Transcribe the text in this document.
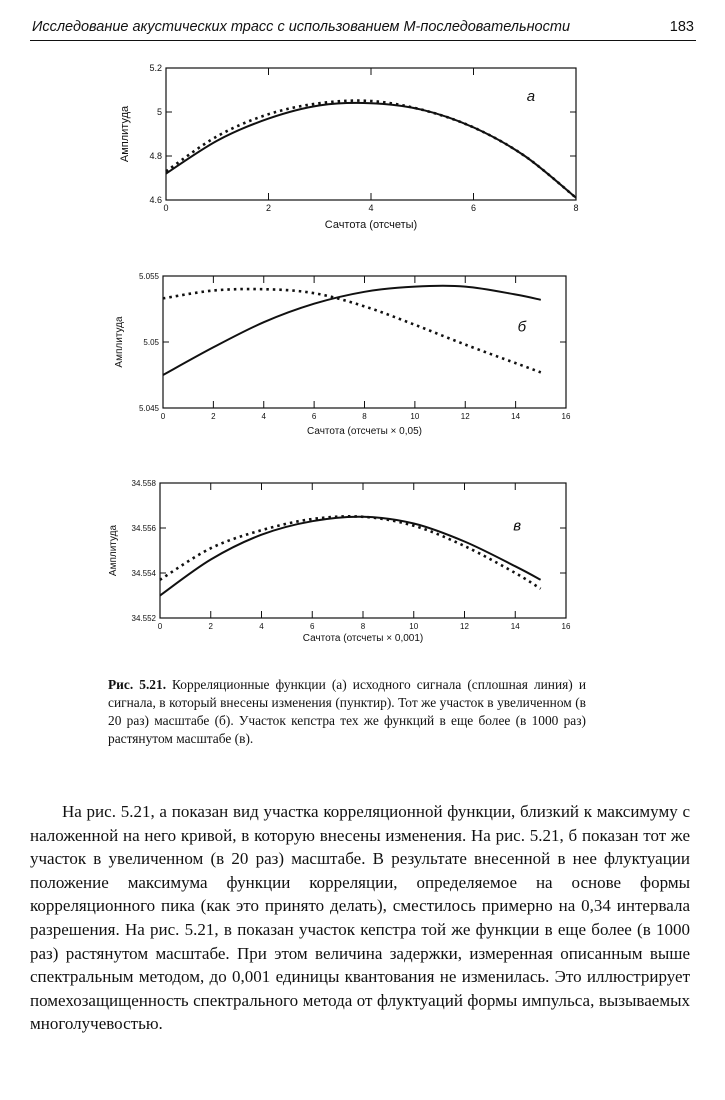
Исследование акустических трасс с использованием М-последовательности	183
0	2	4	6	8
4.6
4.8
5
5.2
а
Сачтота (отсчеты)
Амплитуда
0	2	4	6	8	10	12	14	16
5.045
5.05
5.055
б
Сачтота (отсчеты × 0,05)
Амплитуда
0	2	4	6	8	10	12	14	16
34.552
34.554
34.556
34.558
в
Сачтота (отсчеты × 0,001)
Амплитуда
Рис. 5.21. Корреляционные функции (а) исходного сигнала (сплошная линия) и сигнала, в который внесены изменения (пунктир). Тот же участок в увеличенном (в 20 раз) масштабе (б). Участок кепстра тех же функций в еще более (в 1000 раз) растянутом масштабе (в).
На рис. 5.21, а показан вид участка корреляционной функции, близкий к максимуму с наложенной на него кривой, в которую внесены изменения. На рис. 5.21, б показан тот же участок в увеличенном (в 20 раз) масштабе. В результате внесенной в нее флуктуации положение максимума функции корреляции, определяемое на основе формы корреляционного пика (как это принято делать), сместилось примерно на 0,34 интервала разрешения. На рис. 5.21, в показан участок кепстра той же функции в еще более (в 1000 раз) растянутом масштабе. При этом величина задержки, измеренная описанным выше спектральным методом, до 0,001 единицы квантования не изменилась. Это иллюстрирует помехозащищенность спектрального метода от флуктуаций формы импульса, вызываемых многолучевостью.
